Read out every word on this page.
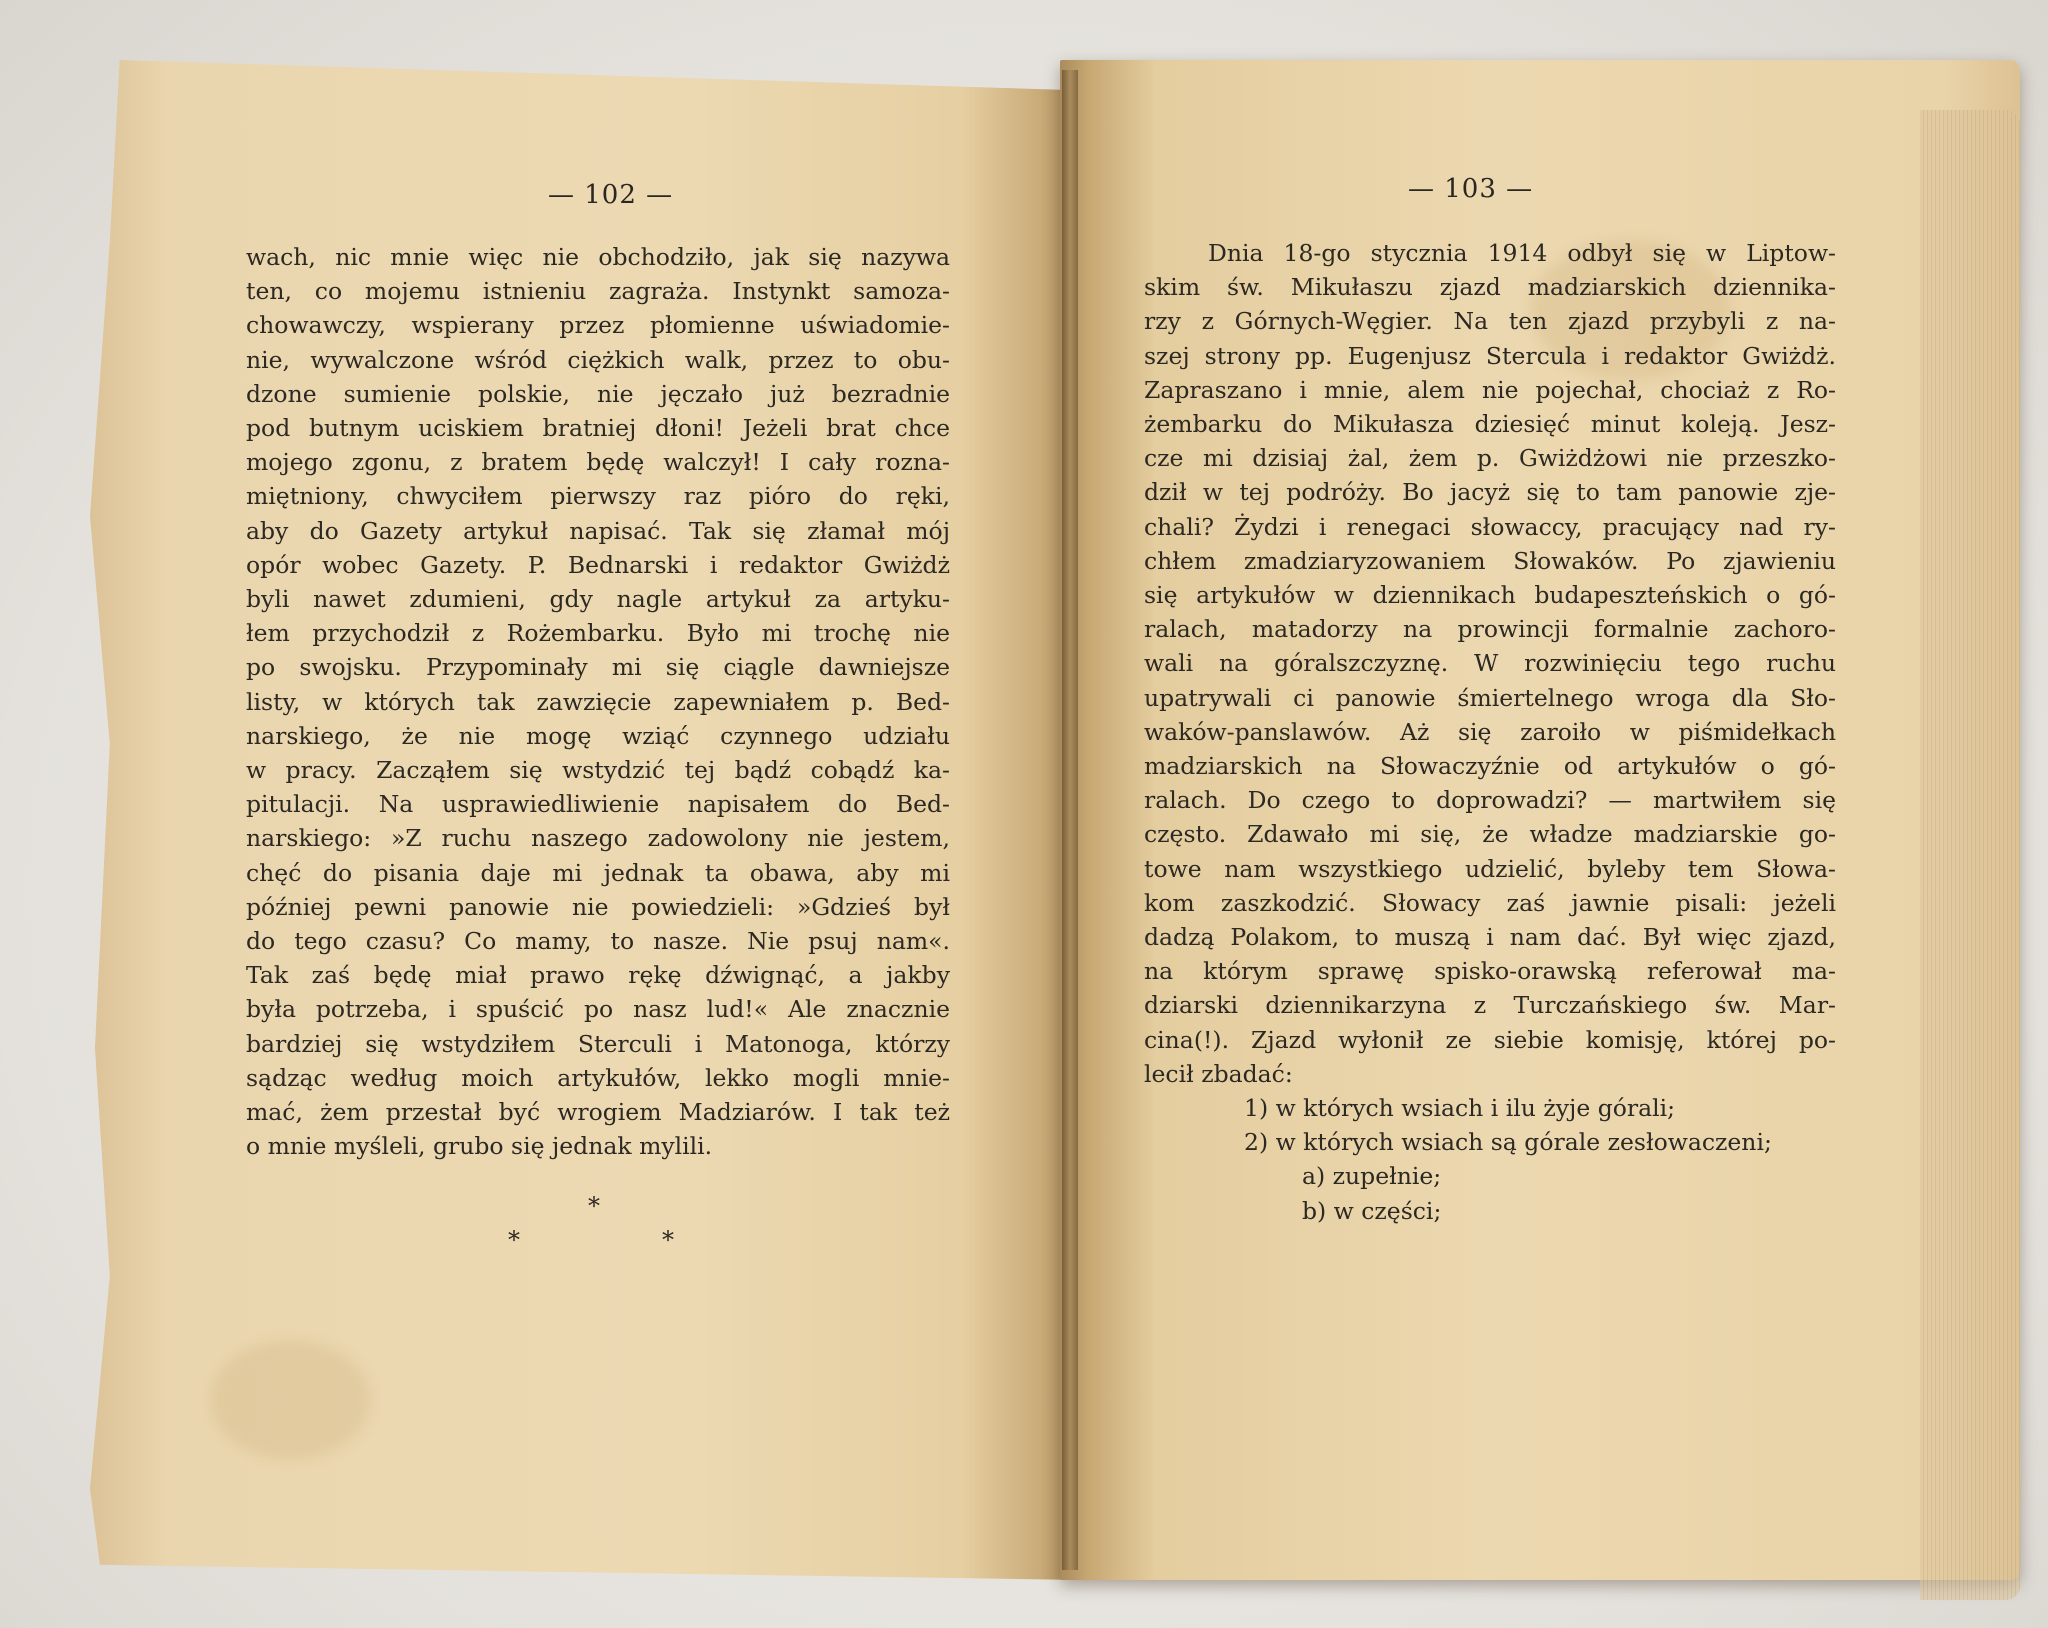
— 102 —
wach, nic mnie więc nie obchodziło, jak się nazywa
ten, co mojemu istnieniu zagraża. Instynkt samoza-
chowawczy, wspierany przez płomienne uświadomie-
nie, wywalczone wśród ciężkich walk, przez to obu-
dzone sumienie polskie, nie jęczało już bezradnie
pod butnym uciskiem bratniej dłoni! Jeżeli brat chce
mojego zgonu, z bratem będę walczył! I cały rozna-
miętniony, chwyciłem pierwszy raz pióro do ręki,
aby do Gazety artykuł napisać. Tak się złamał mój
opór wobec Gazety. P. Bednarski i redaktor Gwiżdż
byli nawet zdumieni, gdy nagle artykuł za artyku-
łem przychodził z Rożembarku. Było mi trochę nie
po swojsku. Przypominały mi się ciągle dawniejsze
listy, w których tak zawzięcie zapewniałem p. Bed-
narskiego, że nie mogę wziąć czynnego udziału
w pracy. Zacząłem się wstydzić tej bądź cobądź ka-
pitulacji. Na usprawiedliwienie napisałem do Bed-
narskiego: »Z ruchu naszego zadowolony nie jestem,
chęć do pisania daje mi jednak ta obawa, aby mi
później pewni panowie nie powiedzieli: »Gdzieś był
do tego czasu? Co mamy, to nasze. Nie psuj nam«.
Tak zaś będę miał prawo rękę dźwignąć, a jakby
była potrzeba, i spuścić po nasz lud!« Ale znacznie
bardziej się wstydziłem Sterculi i Matonoga, którzy
sądząc według moich artykułów, lekko mogli mnie-
mać, żem przestał być wrogiem Madziarów. I tak też
o mnie myśleli, grubo się jednak mylili.
*
*	*
— 103 —
Dnia 18-go stycznia 1914 odbył się w Liptow-
skim św. Mikułaszu zjazd madziarskich dziennika-
rzy z Górnych-Węgier. Na ten zjazd przybyli z na-
szej strony pp. Eugenjusz Stercula i redaktor Gwiżdż.
Zapraszano i mnie, alem nie pojechał, chociaż z Ro-
żembarku do Mikułasza dziesięć minut koleją. Jesz-
cze mi dzisiaj żal, żem p. Gwiżdżowi nie przeszko-
dził w tej podróży. Bo jacyż się to tam panowie zje-
chali? Żydzi i renegaci słowaccy, pracujący nad ry-
chłem zmadziaryzowaniem Słowaków. Po zjawieniu
się artykułów w dziennikach budapeszteńskich o gó-
ralach, matadorzy na prowincji formalnie zachoro-
wali na góralszczyznę. W rozwinięciu tego ruchu
upatrywali ci panowie śmiertelnego wroga dla Sło-
waków-panslawów. Aż się zaroiło w piśmidełkach
madziarskich na Słowaczyźnie od artykułów o gó-
ralach. Do czego to doprowadzi? — martwiłem się
często. Zdawało mi się, że władze madziarskie go-
towe nam wszystkiego udzielić, byleby tem Słowa-
kom zaszkodzić. Słowacy zaś jawnie pisali: jeżeli
dadzą Polakom, to muszą i nam dać. Był więc zjazd,
na którym sprawę spisko-orawską referował ma-
dziarski dziennikarzyna z Turczańskiego św. Mar-
cina(!). Zjazd wyłonił ze siebie komisję, której po-
lecił zbadać:
1) w których wsiach i ilu żyje górali;
2) w których wsiach są górale zesłowaczeni;
a) zupełnie;
b) w części;
